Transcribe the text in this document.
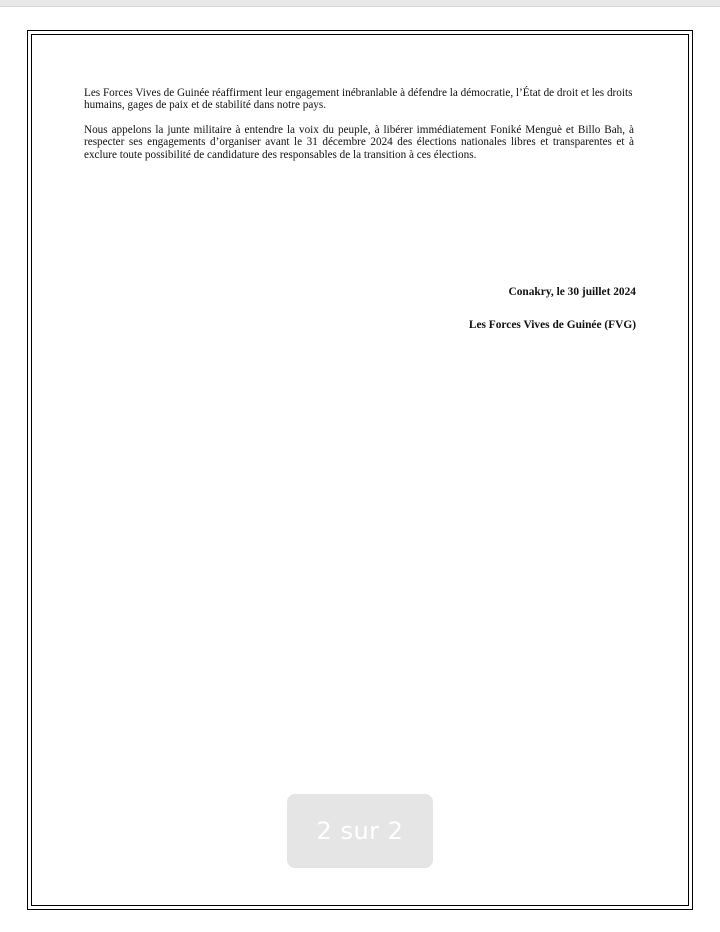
Les Forces Vives de Guinée réaffirment leur engagement inébranlable à défendre la démocratie, l’État de droit et les droits humains, gages de paix et de stabilité dans notre pays.

Nous appelons la junte militaire à entendre la voix du peuple, à libérer immédiatement Foniké Menguè et Billo Bah, à respecter ses engagements d’organiser avant le 31 décembre 2024 des élections nationales libres et transparentes et à exclure toute possibilité de candidature des responsables de la transition à ces élections.

Conakry, le 30 juillet 2024
Les Forces Vives de Guinée (FVG)
2 sur 2
